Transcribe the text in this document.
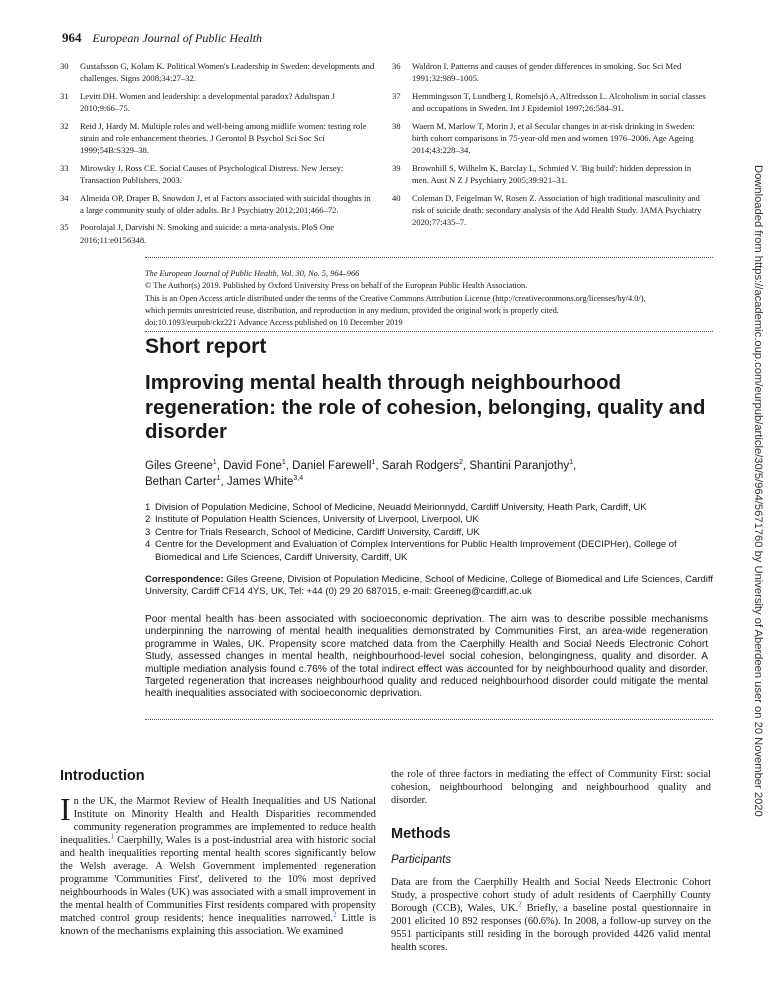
964 European Journal of Public Health
30	Gustafsson G, Kolam K. Political Women's Leadership in Sweden: developments and challenges. Signs 2008;34:27–32.
31	Levitt DH. Women and leadership: a developmental paradox? Adultspan J 2010;9:66–75.
32	Reid J, Hardy M. Multiple roles and well-being among midlife women: testing role strain and role enhancement theories. J Gerontol B Psychol Sci Soc Sci 1999;54B:S329–38.
33	Mirowsky J, Ross CE. Social Causes of Psychological Distress. New Jersey: Transaction Publishers, 2003.
34	Almeida OP, Draper B, Snowdon J, et al Factors associated with suicidal thoughts in a large community study of older adults. Br J Psychiatry 2012;201:466–72.
35	Poorolajal J, Darvishi N. Smoking and suicide: a meta-analysis. PloS One 2016;11:e0156348.
36	Waldron I. Patterns and causes of gender differences in smoking. Soc Sci Med 1991;32:989–1005.
37	Hemmingsson T, Lundberg I, Romelsjö A, Alfredsson L. Alcoholism in social classes and occupations in Sweden. Int J Epidemiol 1997;26:584–91.
38	Waern M, Marlow T, Morin J, et al Secular changes in at-risk drinking in Sweden: birth cohort comparisons in 75-year-old men and women 1976–2006. Age Ageing 2014;43:228–34.
39	Brownhill S, Wilhelm K, Barclay L, Schmied V. 'Big build': hidden depression in men. Aust N Z J Psychiatry 2005;39:921–31.
40	Coleman D, Feigelman W, Rosen Z. Association of high traditional masculinity and risk of suicide death: secondary analysis of the Add Health Study. JAMA Psychiatry 2020;77:435–7.
The European Journal of Public Health, Vol. 30, No. 5, 964–966
© The Author(s) 2019. Published by Oxford University Press on behalf of the European Public Health Association.
This is an Open Access article distributed under the terms of the Creative Commons Attribution License (http://creativecommons.org/licenses/by/4.0/),
which permits unrestricted reuse, distribution, and reproduction in any medium, provided the original work is properly cited.
doi:10.1093/eurpub/ckz221 Advance Access published on 10 December 2019
Short report
Improving mental health through neighbourhood regeneration: the role of cohesion, belonging, quality and disorder
Giles Greene$^1$, David Fone$^1$, Daniel Farewell$^1$, Sarah Rodgers$^2$, Shantini Paranjothy$^1$,
Bethan Carter$^1$, James White$^{3,4}$
1 Division of Population Medicine, School of Medicine, Neuadd Meirionnydd, Cardiff University, Heath Park, Cardiff, UK
2 Institute of Population Health Sciences, University of Liverpool, Liverpool, UK
3 Centre for Trials Research, School of Medicine, Cardiff University, Cardiff, UK
4 Centre for the Development and Evaluation of Complex Interventions for Public Health Improvement (DECIPHer), College of Biomedical and Life Sciences, Cardiff University, Cardiff, UK
Correspondence: Giles Greene, Division of Population Medicine, School of Medicine, College of Biomedical and Life Sciences, Cardiff University, Cardiff CF14 4YS, UK, Tel: +44 (0) 29 20 687015, e-mail: Greeneg@cardiff.ac.uk
Poor mental health has been associated with socioeconomic deprivation. The aim was to describe possible mechanisms underpinning the narrowing of mental health inequalities demonstrated by Communities First, an area-wide regeneration programme in Wales, UK. Propensity score matched data from the Caerphilly Health and Social Needs Electronic Cohort Study, assessed changes in mental health, neighbourhood-level social cohesion, belongingness, quality and disorder. A multiple mediation analysis found c.76% of the total indirect effect was accounted for by neighbourhood quality and disorder. Targeted regeneration that increases neighbourhood quality and reduced neighbourhood disorder could mitigate the mental health inequalities associated with socioeconomic deprivation.
Introduction
In the UK, the Marmot Review of Health Inequalities and US National Institute on Minority Health and Health Disparities recommended community regeneration programmes are implemented to reduce health inequalities.$^1$ Caerphilly, Wales is a post-industrial area with historic social and health inequalities reporting mental health scores significantly below the Welsh average. A Welsh Government implemented regeneration programme 'Communities First', delivered to the 10% most deprived neighbourhoods in Wales (UK) was associated with a small improvement in the mental health of Communities First residents compared with propensity matched control group residents; hence inequalities narrowed.$^2$ Little is known of the mechanisms explaining this association. We examined
the role of three factors in mediating the effect of Community First: social cohesion, neighbourhood belonging and neighbourhood quality and disorder.
Methods
Participants
Data are from the Caerphilly Health and Social Needs Electronic Cohort Study, a prospective cohort study of adult residents of Caerphilly County Borough (CCB), Wales, UK.$^2$ Briefly, a baseline postal questionnaire in 2001 elicited 10 892 responses (60.6%). In 2008, a follow-up survey on the 9551 participants still residing in the borough provided 4426 valid mental health scores.
Downloaded from https://academic.oup.com/eurpub/article/30/5/964/5671760 by University of Aberdeen user on 20 November 2020
